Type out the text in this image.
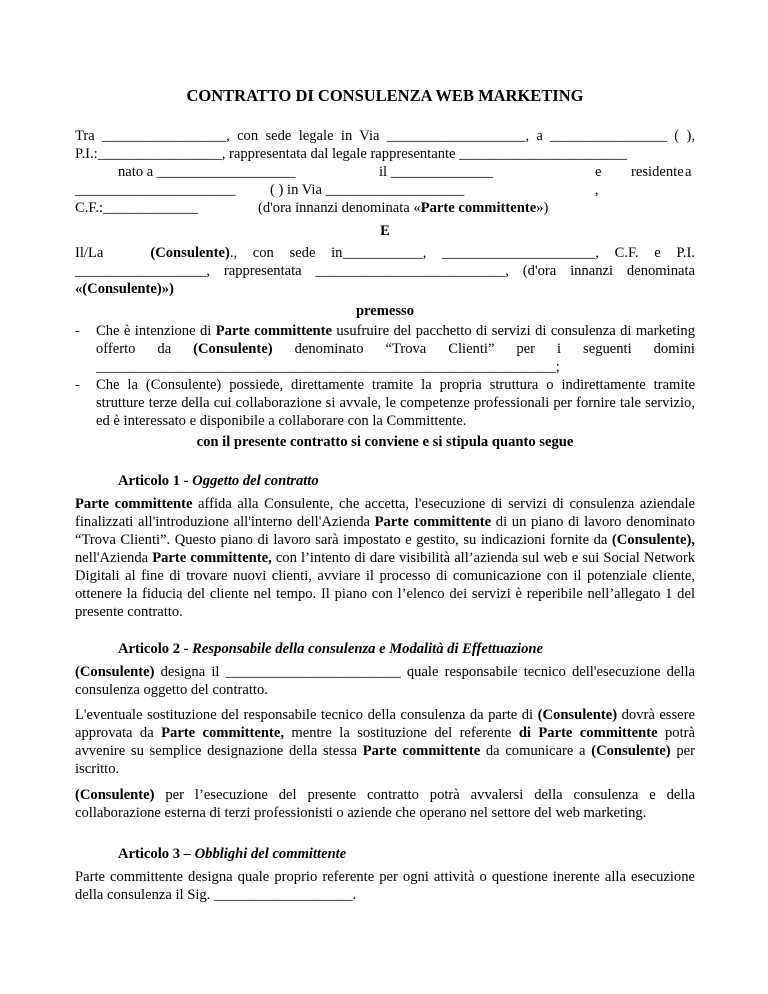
CONTRATTO DI CONSULENZA WEB MARKETING
Tra _________________, con sede legale in Via ___________________, a ________________ ( ),
P.I.:_________________, rappresentata dal legale rappresentante _______________________
nato a ___________________	il ______________	e residente a
______________________ ( ) in Via ___________________	,
C.F.:_____________	(d'ora innanzi denominata «Parte committente»)
E
Il/La	(Consulente)., con sede in___________, _____________________, C.F. e P.I.
__________________, rappresentata __________________________, (d'ora innanzi denominata
«(Consulente)»)
premesso
- Che è intenzione di Parte committente usufruire del pacchetto di servizi di consulenza di marketing offerto da (Consulente) denominato “Trova Clienti” per i seguenti domini _______________________________________________________________;
- Che la (Consulente) possiede, direttamente tramite la propria struttura o indirettamente tramite strutture terze della cui collaborazione si avvale, le competenze professionali per fornire tale servizio, ed è interessato e disponibile a collaborare con la Committente.
con il presente contratto si conviene e si stipula quanto segue
Articolo 1 - Oggetto del contratto
Parte committente affida alla Consulente, che accetta, l'esecuzione di servizi di consulenza aziendale finalizzati all'introduzione all'interno dell'Azienda Parte committente di un piano di lavoro denominato “Trova Clienti”. Questo piano di lavoro sarà impostato e gestito, su indicazioni fornite da (Consulente), nell'Azienda Parte committente, con l’intento di dare visibilità all’azienda sul web e sui Social Network Digitali al fine di trovare nuovi clienti, avviare il processo di comunicazione con il potenziale cliente, ottenere la fiducia del cliente nel tempo. Il piano con l’elenco dei servizi è reperibile nell’allegato 1 del presente contratto.
Articolo 2 - Responsabile della consulenza e Modalità di Effettuazione
(Consulente) designa il ________________________ quale responsabile tecnico dell'esecuzione della consulenza oggetto del contratto.
L'eventuale sostituzione del responsabile tecnico della consulenza da parte di (Consulente) dovrà essere approvata da Parte committente, mentre la sostituzione del referente di Parte committente potrà avvenire su semplice designazione della stessa Parte committente da comunicare a (Consulente) per iscritto.
(Consulente) per l’esecuzione del presente contratto potrà avvalersi della consulenza e della collaborazione esterna di terzi professionisti o aziende che operano nel settore del web marketing.
Articolo 3 – Obblighi del committente
Parte committente designa quale proprio referente per ogni attività o questione inerente alla esecuzione della consulenza il Sig. ___________________.
